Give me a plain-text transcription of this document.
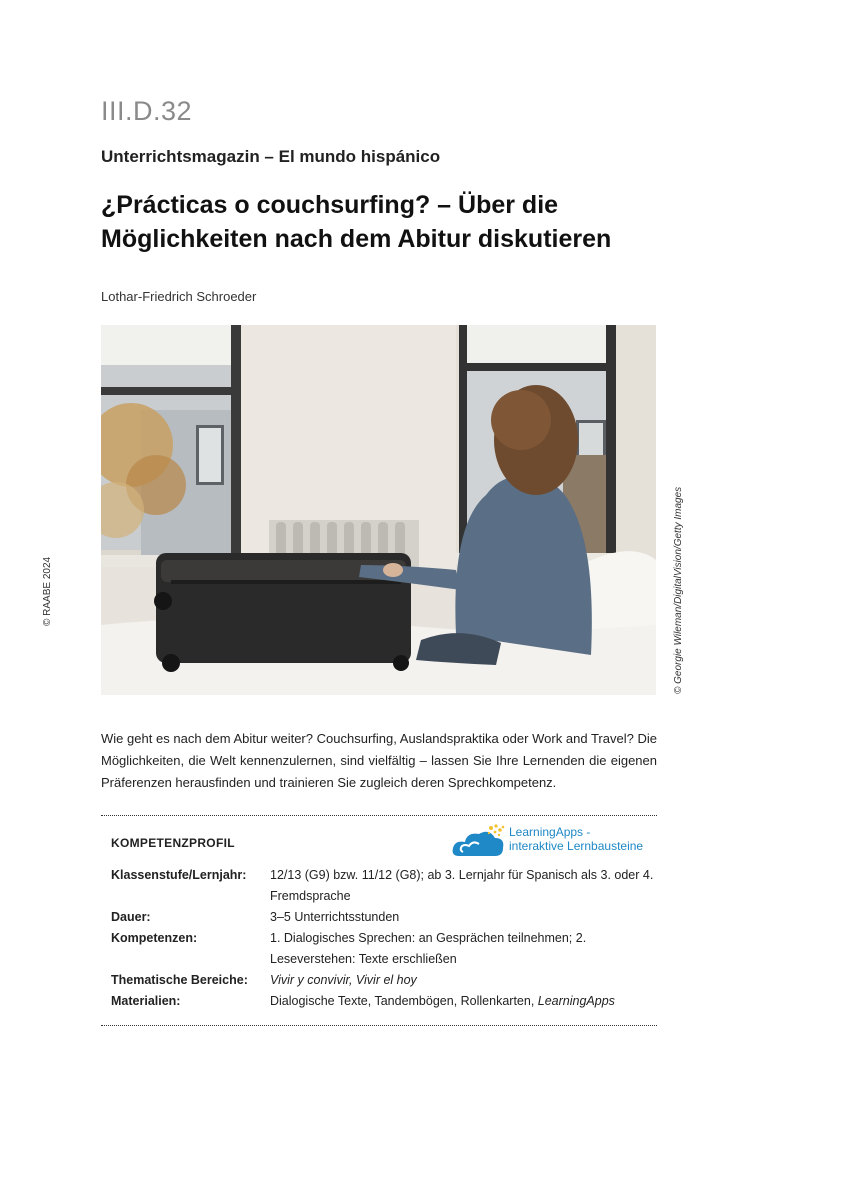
III.D.32
Unterrichtsmagazin – El mundo hispánico
¿Prácticas o couchsurfing? – Über die Möglichkeiten nach dem Abitur diskutieren
Lothar-Friedrich Schroeder
© RAABE 2024	© Georgie Wileman/DigitalVision/Getty Images

Wie geht es nach dem Abitur weiter? Couchsurfing, Auslandspraktika oder Work and Travel? Die Möglichkeiten, die Welt kennenzulernen, sind vielfältig – lassen Sie Ihre Lernenden die eigenen Präferenzen herausfinden und trainieren Sie zugleich deren Sprechkompetenz.

KOMPETENZPROFIL
LearningApps -
interaktive Lernbausteine
Klassenstufe/Lernjahr:	12/13 (G9) bzw. 11/12 (G8); ab 3. Lernjahr für Spanisch als 3. oder 4. Fremdsprache
Dauer:	3–5 Unterrichtsstunden
Kompetenzen:	1. Dialogisches Sprechen: an Gesprächen teilnehmen; 2. Leseverstehen: Texte erschließen
Thematische Bereiche:	Vivir y convivir, Vivir el hoy
Materialien:	Dialogische Texte, Tandembögen, Rollenkarten, LearningApps
